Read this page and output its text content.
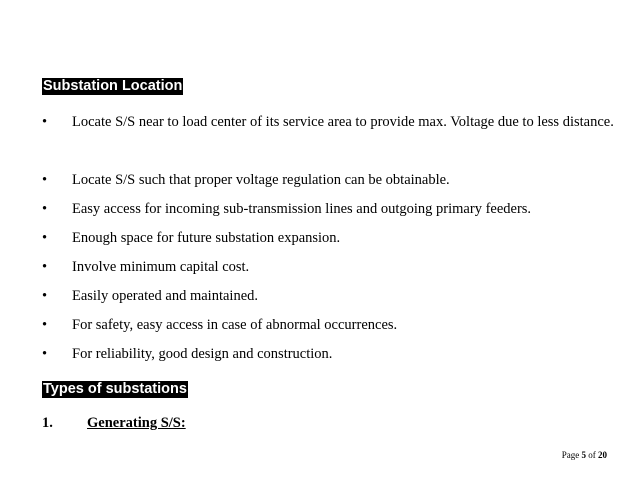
Substation Location
• Locate S/S near to load center of its service area to provide max. Voltage due to less distance.
• Locate S/S such that proper voltage regulation can be obtainable.
• Easy access for incoming sub-transmission lines and outgoing primary feeders.
• Enough space for future substation expansion.
• Involve minimum capital cost.
• Easily operated and maintained.
• For safety, easy access in case of abnormal occurrences.
• For reliability, good design and construction.
Types of substations
1. Generating S/S:
Page 5 of 20
